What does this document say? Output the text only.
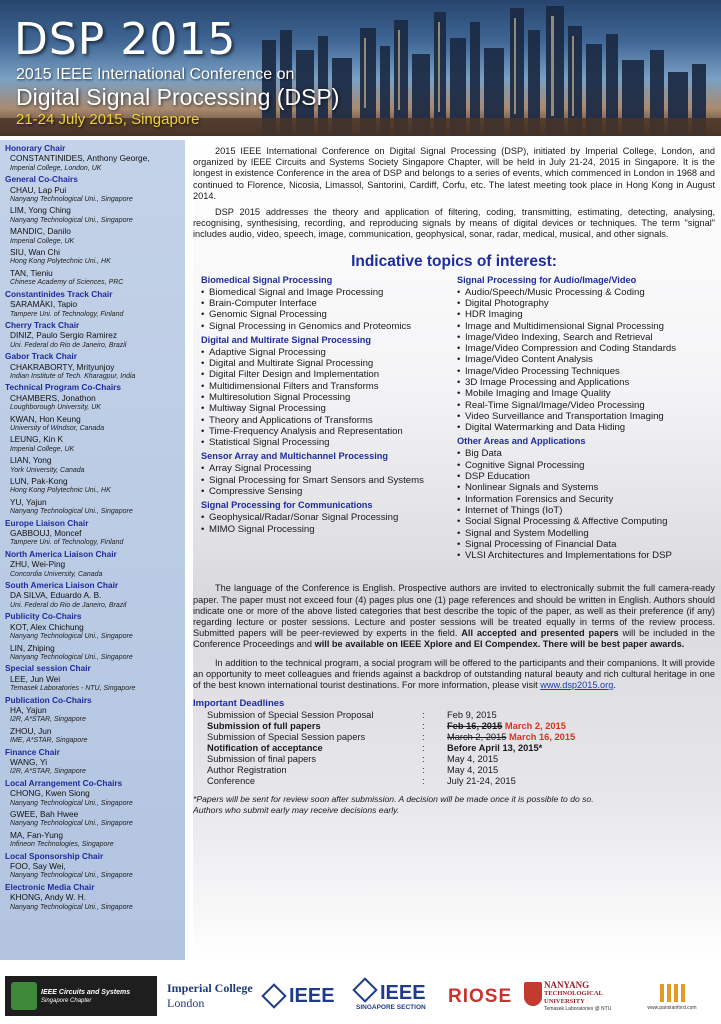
DSP 2015
2015 IEEE International Conference on
Digital Signal Processing (DSP)
21-24 July 2015, Singapore
Honorary Chair
CONSTANTINIDES, Anthony George,
Imperial College, London, UK
General Co-Chairs
CHAU, Lap Pui
Nanyang Technological Uni., Singapore
LIM, Yong Ching
Nanyang Technological Uni., Singapore
MANDIC, Danilo
Imperial College, UK
SIU, Wan Chi
Hong Kong Polytechnic Uni., HK
TAN, Tieniu
Chinese Academy of Sciences, PRC
Constantinides Track Chair
SARAMÄKI, Tapio
Tampere Uni. of Technology, Finland
Cherry Track Chair
DINIZ, Paulo Sergio Ramirez
Uni. Federal do Rio de Janeiro, Brazil
Gabor Track Chair
CHAKRABORTY, Mrityunjoy
Indian Institute of Tech. Kharagpur, India
Technical Program Co-Chairs
CHAMBERS, Jonathon
Loughborough University, UK
KWAN, Hon Keung
University of Windsor, Canada
LEUNG, Kin K
Imperial College, UK
LIAN, Yong
York University, Canada
LUN, Pak-Kong
Hong Kong Polytechnic Uni., HK
YU, Yajun
Nanyang Technological Uni., Singapore
Europe Liaison Chair
GABBOUJ, Moncef
Tampere Uni. of Technology, Finland
North America Liaison Chair
ZHU, Wei-Ping
Concordia University, Canada
South America Liaison Chair
DA SILVA, Eduardo A. B.
Uni. Federal do Rio de Janeiro, Brazil
Publicity Co-Chairs
KOT, Alex Chichung
Nanyang Technological Uni., Singapore
LIN, Zhiping
Nanyang Technological Uni., Singapore
Special session Chair
LEE, Jun Wei
Temasek Laboratories - NTU, Singapore
Publication Co-Chairs
HA, Yajun
I2R, A*STAR, Singapore
ZHOU, Jun
IME, A*STAR, Singapore
Finance Chair
WANG, Yi
I2R, A*STAR, Singapore
Local Arrangement Co-Chairs
CHONG, Kwen Siong
Nanyang Technological Uni., Singapore
GWEE, Bah Hwee
Nanyang Technological Uni., Singapore
MA, Fan-Yung
Infineon Technologies, Singapore
Local Sponsorship Chair
FOO, Say Wei,
Nanyang Technological Uni., Singapore
Electronic Media Chair
KHONG, Andy W. H.
Nanyang Technological Uni., Singapore

2015 IEEE International Conference on Digital Signal Processing (DSP), initiated by Imperial College, London, and organized by IEEE Circuits and Systems Society Singapore Chapter, will be held in July 21-24, 2015 in Singapore. It is the longest in existence Conference in the area of DSP and belongs to a series of events, which commenced in London in 1968 and continued to Florence, Nicosia, Limassol, Santorini, Cardiff, Corfu, etc. The latest meeting took place in Hong Kong in August 2014.

DSP 2015 addresses the theory and application of filtering, coding, transmitting, estimating, detecting, analysing, recognising, synthesising, recording, and reproducing signals by means of digital devices or techniques. The term "signal" includes audio, video, speech, image, communication, geophysical, sonar, radar, medical, musical, and other signals.

Indicative topics of interest:
Biomedical Signal Processing
• Biomedical Signal and Image Processing
• Brain-Computer Interface
• Genomic Signal Processing
• Signal Processing in Genomics and Proteomics
Digital and Multirate Signal Processing
• Adaptive Signal Processing
• Digital and Multirate Signal Processing
• Digital Filter Design and Implementation
• Multidimensional Filters and Transforms
• Multiresolution Signal Processing
• Multiway Signal Processing
• Theory and Applications of Transforms
• Time-Frequency Analysis and Representation
• Statistical Signal Processing
Sensor Array and Multichannel Processing
• Array Signal Processing
• Signal Processing for Smart Sensors and Systems
• Compressive Sensing
Signal Processing for Communications
• Geophysical/Radar/Sonar Signal Processing
• MIMO Signal Processing
Signal Processing for Audio/Image/Video
• Audio/Speech/Music Processing & Coding
• Digital Photography
• HDR Imaging
• Image and Multidimensional Signal Processing
• Image/Video Indexing, Search and Retrieval
• Image/Video Compression and Coding Standards
• Image/Video Content Analysis
• Image/Video Processing Techniques
• 3D Image Processing and Applications
• Mobile Imaging and Image Quality
• Real-Time Signal/Image/Video Processing
• Video Surveillance and Transportation Imaging
• Digital Watermarking and Data Hiding
Other Areas and Applications
• Big Data
• Cognitive Signal Processing
• DSP Education
• Nonlinear Signals and Systems
• Information Forensics and Security
• Internet of Things (IoT)
• Social Signal Processing & Affective Computing
• Signal and System Modelling
• Signal Processing of Financial Data
• VLSI Architectures and Implementations for DSP

The language of the Conference is English. Prospective authors are invited to electronically submit the full camera-ready paper. The paper must not exceed four (4) pages plus one (1) page references and should be written in English. Authors should indicate one or more of the above listed categories that best describe the topic of the paper, as well as their preference (if any) regarding lecture or poster sessions. Lecture and poster sessions will be treated equally in terms of the review process. Submitted papers will be peer-reviewed by experts in the field. All accepted and presented papers will be included in the Conference Proceedings and will be available on IEEE Xplore and EI Compendex. There will be best paper awards.

In addition to the technical program, a social program will be offered to the participants and their companions. It will provide an opportunity to meet colleagues and friends against a backdrop of outstanding natural beauty and rich cultural heritage in one of the best known international tourist destinations. For more information, please visit www.dsp2015.org.

Important Deadlines
Submission of Special Session Proposal	:	Feb 9, 2015
Submission of full papers	:	Feb 16, 2015 March 2, 2015
Submission of Special Session papers	:	March 2, 2015 March 16, 2015
Notification of acceptance	:	Before April 13, 2015*
Submission of final papers	:	May 4, 2015
Author Registration	:	May 4, 2015
Conference	:	July 21-24, 2015
*Papers will be sent for review soon after submission. A decision will be made once it is possible to do so.
Authors who submit early may receive decisions early.
IEEE Circuits and Systems
Singapore Chapter
Imperial College
London	IEEE	IEEE
SINGAPORE SECTION
RIOSE
NANYANG
TECHNOLOGICAL
UNIVERSITY
Temasek Laboratories @ NTU	www.panstanford.com
